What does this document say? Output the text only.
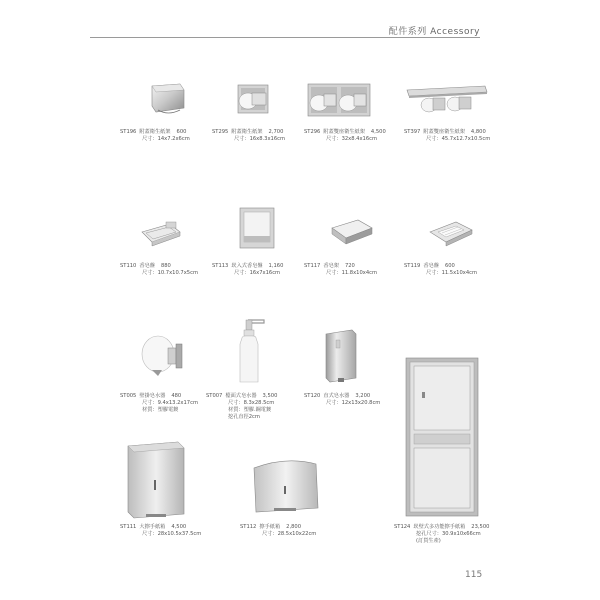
配件系列 Accessory
ST196 附蓋衛生紙架 600
尺寸：14x7.2x6cm
ST295 附蓋衛生紙架 2,700
尺寸：16x8.3x16cm
ST296 附蓋雙座衛生紙架 4,500
尺寸：32x8.4x16cm
ST397 附蓋雙座衛生紙架 4,800
尺寸：45.7x12.7x10.5cm
ST110 香皂盤 880
尺寸：10.7x10.7x5cm
ST113 崁入式香皂盤 1,160
尺寸：16x7x16cm
ST117 香皂架 720
尺寸：11.8x10x4cm
ST119 香皂盤 600
尺寸：11.5x10x4cm
ST005 壁掛皂水器 480
尺寸：9.4x13.2x17cm
材質：塑膠電鍍
ST007 檯面式皂水器 3,500
尺寸：8.3x28.5cm
材質：塑膠.鋼電鍍
挖孔直徑2cm
ST120 直式皂水器 3,200
尺寸：12x13x20.8cm
ST124 崁壁式多功能擦手紙箱 23,500
挖孔尺寸：30.9x10x66cm
(訂貨生產)
ST111 大擦手紙箱 4,500
尺寸：28x10.5x37.5cm
ST112 擦手紙箱 2,800
尺寸：28.5x10x22cm
115
